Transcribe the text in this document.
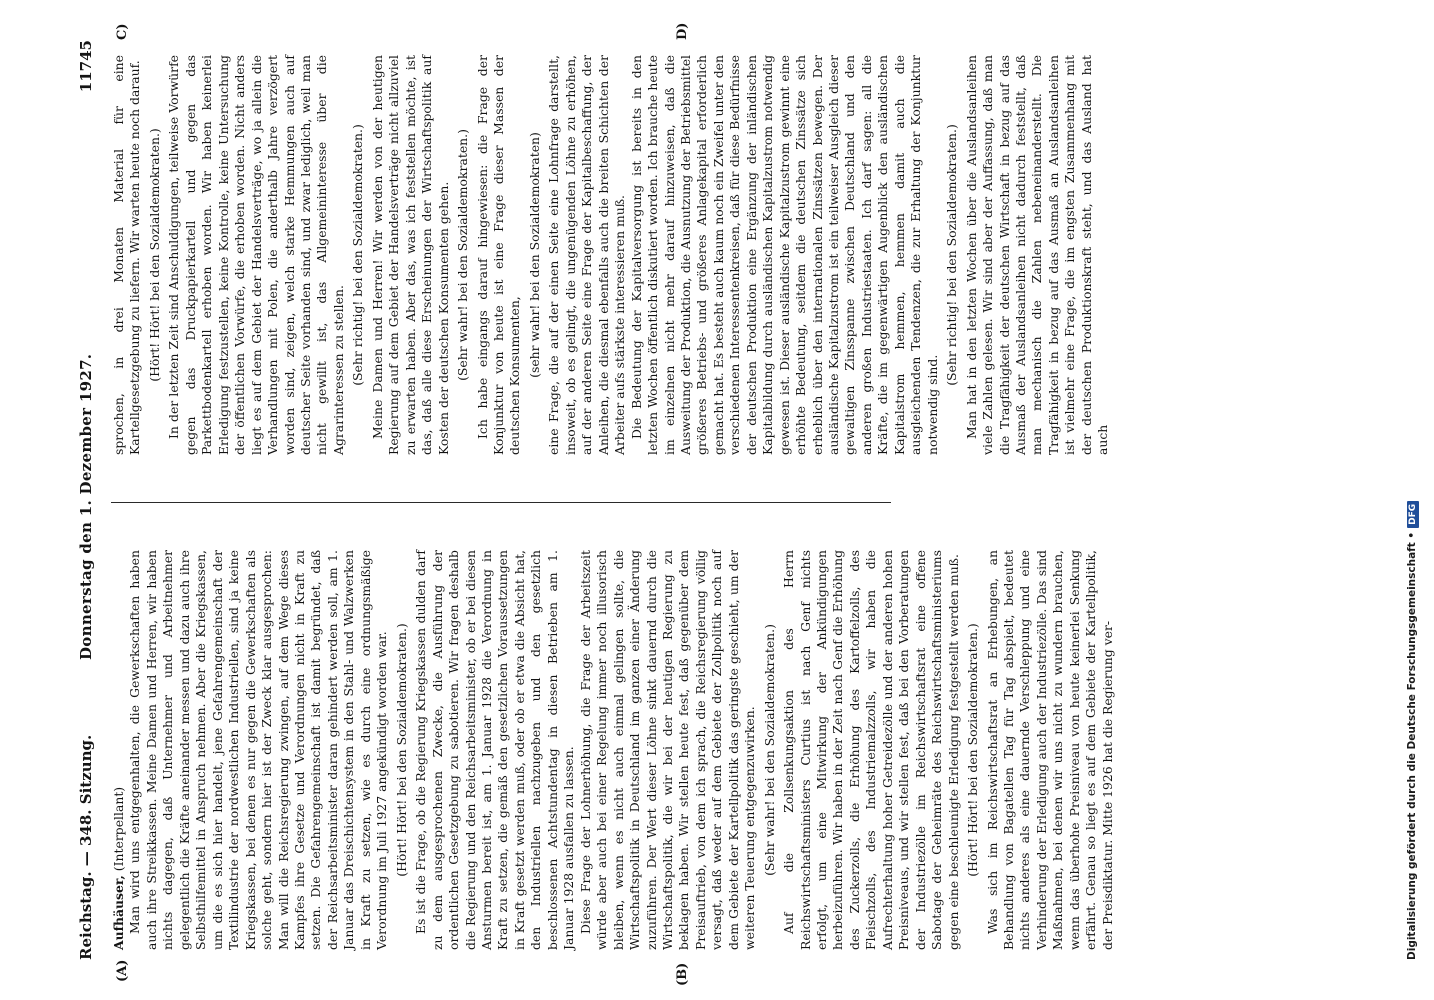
Reichstag. — 348. Sitzung.
Donnerstag den 1. Dezember 1927.
11745
(A)	(B)
C)	D)

Aufhäuser,(Interpellant) Man wird uns entgegenhalten, die Gewerkschaften haben auch ihre Streikkassen. Meine Damen und Herren, wir haben nichts dagegen, daß Unternehmer und Arbeitnehmer gelegentlich die Kräfte aneinander messen und dazu auch ihre Selbsthilfemittel in Anspruch nehmen. Aber die Kriegskassen, um die es sich hier handelt, jene Gefahrengemeinschaft der Textilindustrie der nordwestlichen Industriellen, sind ja keine Kriegskassen, bei denen es nur gegen die Gewerkschaften als solche geht, sondern hier ist der Zweck klar ausgesprochen: Man will die Reichsregierung zwingen, auf dem Wege dieses Kampfes ihre Gesetze und Verordnungen nicht in Kraft zu setzen. Die Gefahrengemeinschaft ist damit begründet, daß der Reichsarbeitsminister daran gehindert werden soll, am 1. Januar das Dreischichtensystem in den Stahl- und Walzwerken in Kraft zu setzen, wie es durch eine ordnungsmäßige Verordnung im Juli 1927 angekündigt worden war. (Hört! Hört! bei den Sozialdemokraten.) Es ist die Frage, ob die Regierung Kriegskassen dulden darf zu dem ausgesprochenen Zwecke, die Ausführung der ordentlichen Gesetzgebung zu sabotieren. Wir fragen deshalb die Regierung und den Reichsarbeitsminister, ob er bei diesen Ansturmen bereit ist, am 1. Januar 1928 die Verordnung in Kraft zu setzen, die gemäß den gesetzlichen Voraussetzungen in Kraft gesetzt werden muß, oder ob er etwa die Absicht hat, den Industriellen nachzugeben und den gesetzlich beschlossenen Achtstundentag in diesen Betrieben am 1. Januar 1928 ausfallen zu lassen. Diese Frage der Lohnerhöhung, die Frage der Arbeitszeit würde aber auch bei einer Regelung immer noch illusorisch bleiben, wenn es nicht auch einmal gelingen sollte, die Wirtschaftspolitik in Deutschland im ganzen einer Änderung zuzuführen. Der Wert dieser Löhne sinkt dauernd durch die Wirtschaftspolitik, die wir bei der heutigen Regierung zu beklagen haben. Wir stellen heute fest, daß gegenüber dem Preisauftrieb, von dem ich sprach, die Reichsregierung völlig versagt, daß weder auf dem Gebiete der Zollpolitik noch auf dem Gebiete der Kartellpolitik das geringste geschieht, um der weiteren Teuerung entgegenzuwirken. (Sehr wahr! bei den Sozialdemokraten.) Auf die Zollsenkungsaktion des Herrn Reichswirtschaftsministers Curtius ist nach Genf nichts erfolgt, um eine Mitwirkung der Ankündigungen herbeizuführen. Wir haben in der Zeit nach Genf die Erhöhung des Zuckerzolls, die Erhöhung des Kartoffelzolls, des Fleischzolls, des Industriemalzzolls, wir haben die Aufrechterhaltung hoher Getreidezölle und der anderen hohen Preisniveaus, und wir stellen fest, daß bei den Vorberatungen der Industriezölle im Reichswirtschaftsrat eine offene Sabotage der Geheimräte des Reichswirtschaftsministeriums gegen eine beschleunigte Erledigung festgestellt werden muß. (Hört! Hört! bei den Sozialdemokraten.) Was sich im Reichswirtschaftsrat an Erhebungen, an Behandlung von Bagatellen Tag für Tag abspielt, bedeutet nichts anderes als eine dauernde Verschleppung und eine Verhinderung der Erledigung auch der Industriezölle. Das sind Maßnahmen, bei denen wir uns nicht zu wundern brauchen, wenn das überhohe Preisniveau von heute keinerlei Senkung erfährt. Genau so liegt es auf dem Gebiete der Kartellpolitik, der Preisdiktatur. Mitte 1926 hat die Regierung ver-

sprochen, in drei Monaten Material für eine Kartellgesetzgebung zu liefern. Wir warten heute noch darauf. (Hört! Hört! bei den Sozialdemokraten.) In der letzten Zeit sind Anschuldigungen, teilweise Vorwürfe gegen das Druckpapierkartell und gegen das Parkettbodenkartell erhoben worden. Wir haben keinerlei Erledigung festzustellen, keine Kontrolle, keine Untersuchung der öffentlichen Vorwürfe, die erhoben worden. Nicht anders liegt es auf dem Gebiet der Handelsverträge, wo ja allein die Verhandlungen mit Polen, die anderthalb Jahre verzögert worden sind, zeigen, welch starke Hemmungen auch auf deutscher Seite vorhanden sind, und zwar lediglich, weil man nicht gewillt ist, das Allgemeininteresse über die Agrarinteressen zu stellen. (Sehr richtig! bei den Sozialdemokraten.) Meine Damen und Herren! Wir werden von der heutigen Regierung auf dem Gebiet der Handelsverträge nicht allzuviel zu erwarten haben. Aber das, was ich feststellen möchte, ist das, daß alle diese Erscheinungen der Wirtschaftspolitik auf Kosten der deutschen Konsumenten gehen. (Sehr wahr! bei den Sozialdemokraten.) Ich habe eingangs darauf hingewiesen: die Frage der Konjunktur von heute ist eine Frage dieser Massen der deutschen Konsumenten, (sehr wahr! bei den Sozialdemokraten) eine Frage, die auf der einen Seite eine Lohnfrage darstellt, insoweit, ob es gelingt, die ungenügenden Löhne zu erhöhen, auf der anderen Seite eine Frage der Kapitalbeschaffung, der Anleihen, die diesmal ebenfalls auch die breiten Schichten der Arbeiter aufs stärkste interessieren muß. Die Bedeutung der Kapitalversorgung ist bereits in den letzten Wochen öffentlich diskutiert worden. Ich brauche heute im einzelnen nicht mehr darauf hinzuweisen, daß die Ausweitung der Produktion, die Ausnutzung der Betriebsmittel größeres Betriebs- und größeres Anlagekapital erforderlich gemacht hat. Es besteht auch kaum noch ein Zweifel unter den verschiedenen Interessentenkreisen, daß für diese Bedürfnisse der deutschen Produktion eine Ergänzung der inländischen Kapitalbildung durch ausländischen Kapitalzustrom notwendig gewesen ist. Dieser ausländische Kapitalzustrom gewinnt eine erhöhte Bedeutung, seitdem die deutschen Zinssätze sich erheblich über den internationalen Zinssätzen bewegen. Der ausländische Kapitalzustrom ist ein teilweiser Ausgleich dieser gewaltigen Zinsspanne zwischen Deutschland und den anderen großen Industriestaaten. Ich darf sagen: all die Kräfte, die im gegenwärtigen Augenblick den ausländischen Kapitalstrom hemmen, hemmen damit auch die ausgleichenden Tendenzen, die zur Erhaltung der Konjunktur notwendig sind.

(Sehr richtig! bei den Sozialdemokraten.) Man hat in den letzten Wochen über die Auslandsanleihen viele Zahlen gelesen. Wir sind aber der Auffassung, daß man die Tragfähigkeit der deutschen Wirtschaft in bezug auf das Ausmaß der Auslandsanleihen nicht dadurch feststellt, daß man mechanisch die Zahlen nebeneinanderstellt. Die Tragfähigkeit in bezug auf das Ausmaß an Auslandsanleihen ist vielmehr eine Frage, die im engsten Zusammenhang mit der deutschen Produktionskraft steht, und das Ausland hat auch

Digitalisierung gefördert durch die Deutsche Forschungsgemeinschaft •DFG
